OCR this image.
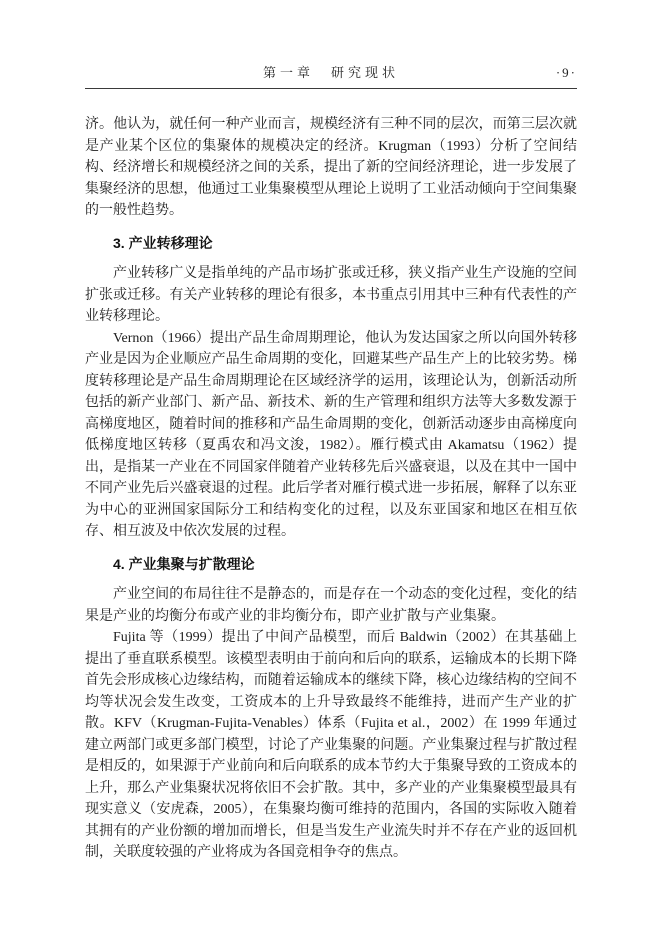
第一章　研究现状	·9·

济。他认为，就任何一种产业而言，规模经济有三种不同的层次，而第三层次就是产业某个区位的集聚体的规模决定的经济。Krugman（1993）分析了空间结构、经济增长和规模经济之间的关系，提出了新的空间经济理论，进一步发展了集聚经济的思想，他通过工业集聚模型从理论上说明了工业活动倾向于空间集聚的一般性趋势。

3. 产业转移理论

产业转移广义是指单纯的产品市场扩张或迁移，狭义指产业生产设施的空间扩张或迁移。有关产业转移的理论有很多，本书重点引用其中三种有代表性的产业转移理论。

Vernon（1966）提出产品生命周期理论，他认为发达国家之所以向国外转移产业是因为企业顺应产品生命周期的变化，回避某些产品生产上的比较劣势。梯度转移理论是产品生命周期理论在区域经济学的运用，该理论认为，创新活动所包括的新产业部门、新产品、新技术、新的生产管理和组织方法等大多数发源于高梯度地区，随着时间的推移和产品生命周期的变化，创新活动逐步由高梯度向低梯度地区转移（夏禹农和冯文浚，1982）。雁行模式由 Akamatsu（1962）提出，是指某一产业在不同国家伴随着产业转移先后兴盛衰退，以及在其中一国中不同产业先后兴盛衰退的过程。此后学者对雁行模式进一步拓展，解释了以东亚为中心的亚洲国家国际分工和结构变化的过程，以及东亚国家和地区在相互依存、相互波及中依次发展的过程。

4. 产业集聚与扩散理论

产业空间的布局往往不是静态的，而是存在一个动态的变化过程，变化的结果是产业的均衡分布或产业的非均衡分布，即产业扩散与产业集聚。

Fujita 等（1999）提出了中间产品模型，而后 Baldwin（2002）在其基础上提出了垂直联系模型。该模型表明由于前向和后向的联系，运输成本的长期下降首先会形成核心边缘结构，而随着运输成本的继续下降，核心边缘结构的空间不均等状况会发生改变，工资成本的上升导致最终不能维持，进而产生产业的扩散。KFV（Krugman-Fujita-Venables）体系（Fujita et al.，2002）在 1999 年通过建立两部门或更多部门模型，讨论了产业集聚的问题。产业集聚过程与扩散过程是相反的，如果源于产业前向和后向联系的成本节约大于集聚导致的工资成本的上升，那么产业集聚状况将依旧不会扩散。其中，多产业的产业集聚模型最具有现实意义（安虎森，2005），在集聚均衡可维持的范围内，各国的实际收入随着其拥有的产业份额的增加而增长，但是当发生产业流失时并不存在产业的返回机制，关联度较强的产业将成为各国竞相争夺的焦点。
